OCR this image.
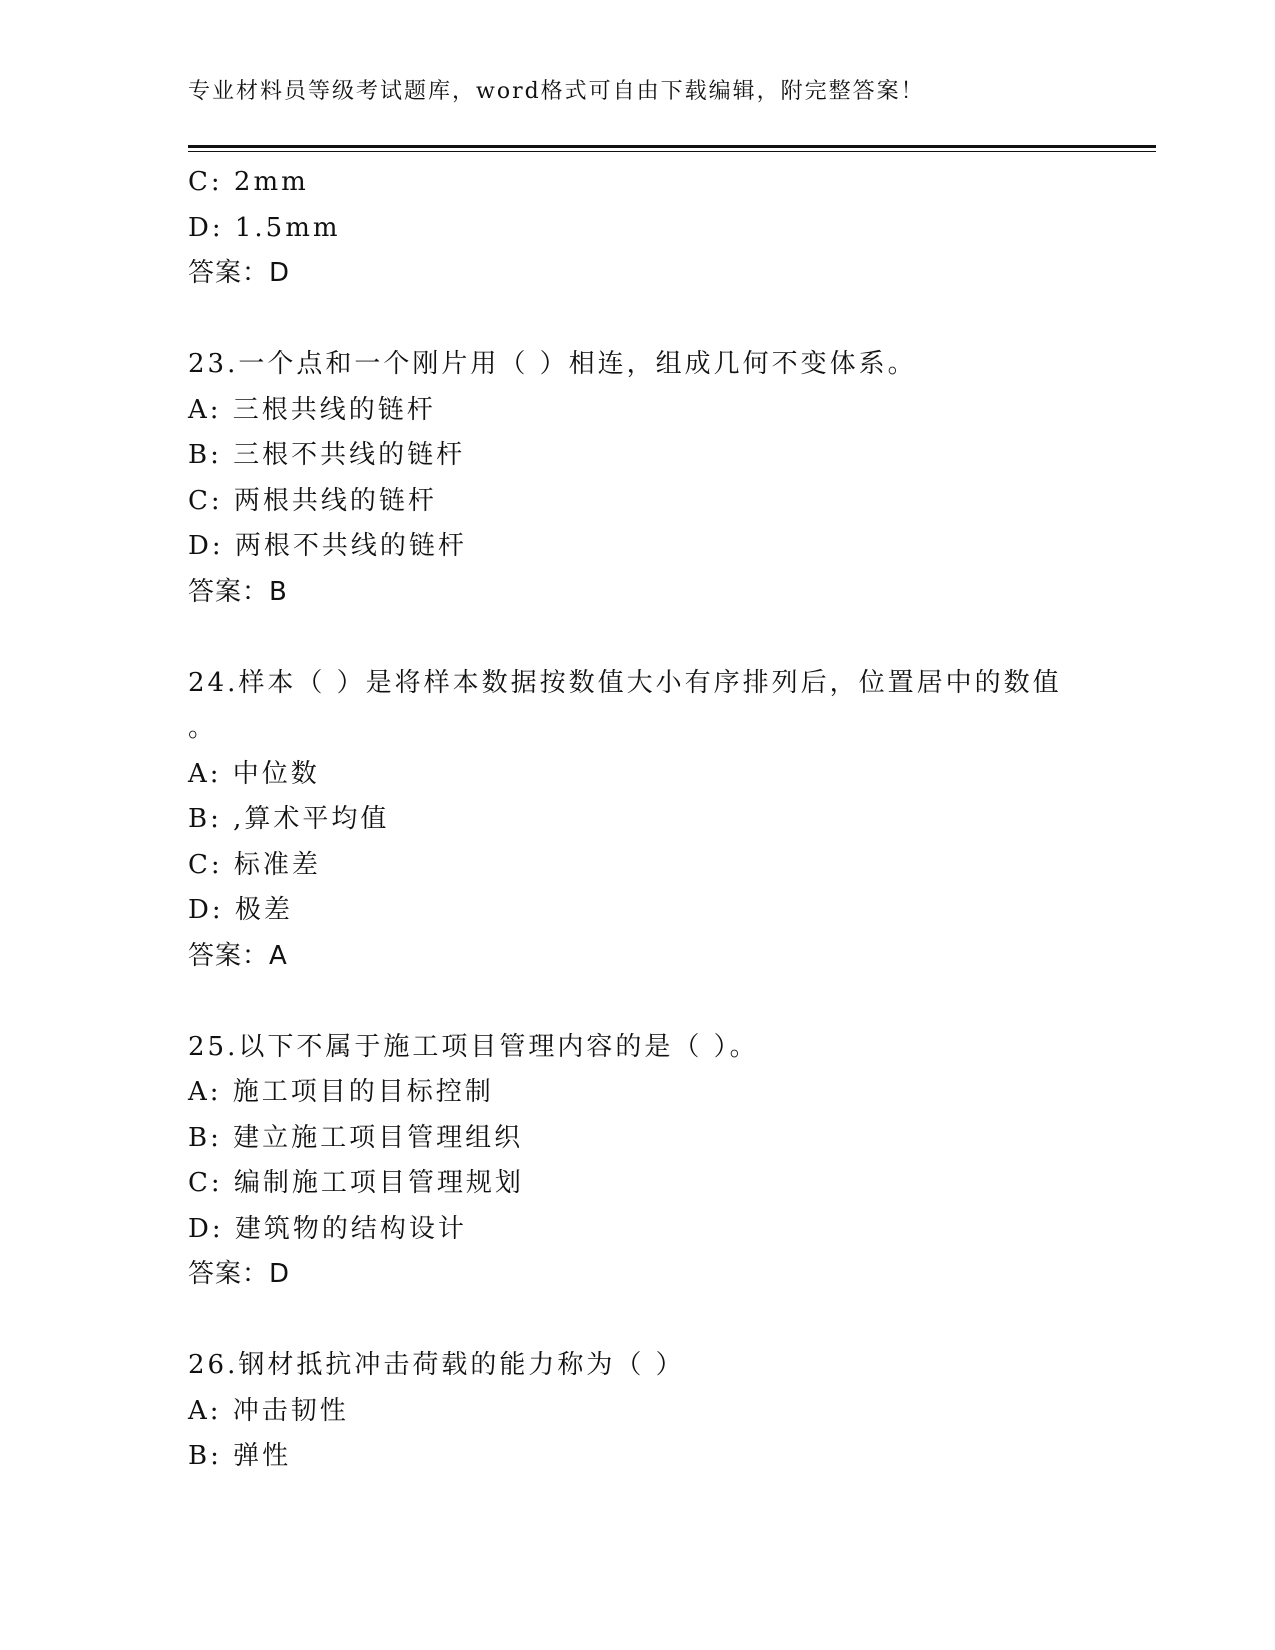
专业材料员等级考试题库，word格式可自由下载编辑，附完整答案！
C: 2mm
D: 1.5mm
答案：D
23.一个点和一个刚片用（ ）相连，组成几何不变体系。
A: 三根共线的链杆
B: 三根不共线的链杆
C: 两根共线的链杆
D: 两根不共线的链杆
答案：B
24.样本（ ）是将样本数据按数值大小有序排列后，位置居中的数值
。
A: 中位数
B: ,算术平均值
C: 标准差
D: 极差
答案：A
25.以下不属于施工项目管理内容的是（ ）。
A: 施工项目的目标控制
B: 建立施工项目管理组织
C: 编制施工项目管理规划
D: 建筑物的结构设计
答案：D
26.钢材抵抗冲击荷载的能力称为（ ）
A: 冲击韧性
B: 弹性
